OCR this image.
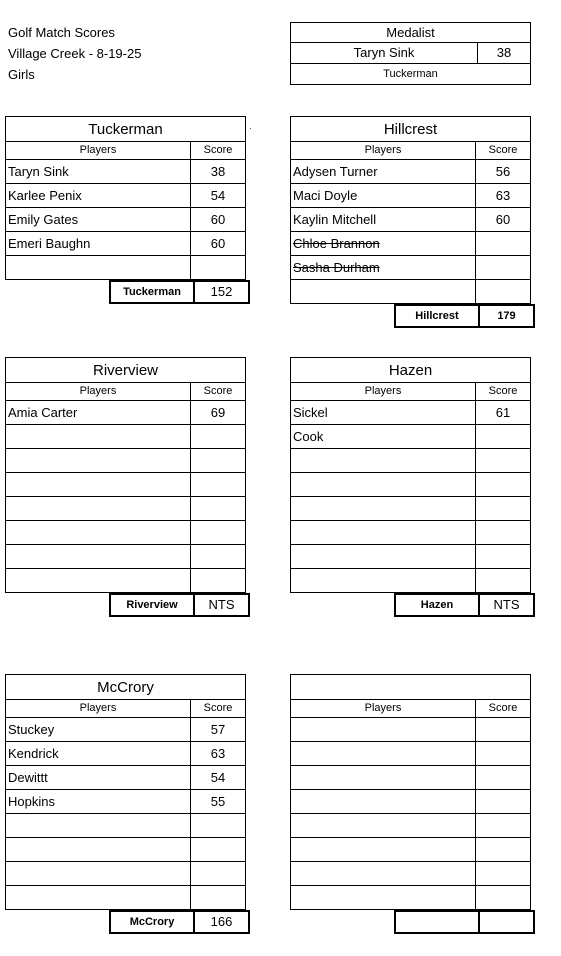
Golf Match Scores
Village Creek - 8-19-25
Girls
Medalist
Taryn Sink	38
Tuckerman
·
Tuckerman
Players	Score
Taryn Sink	38
Karlee Penix	54
Emily Gates	60
Emeri Baughn	60
Tuckerman	152
Hillcrest
Players	Score
Adysen Turner	56
Maci Doyle	63
Kaylin Mitchell	60
Chloe Brannon
Sasha Durham
Hillcrest	179
Riverview
Players	Score
Amia Carter	69
Riverview	NTS
Hazen
Players	Score
Sickel	61
Cook
Hazen	NTS
McCrory
Players	Score
Stuckey	57
Kendrick	63
Dewittt	54
Hopkins	55
McCrory	166
Players	Score
